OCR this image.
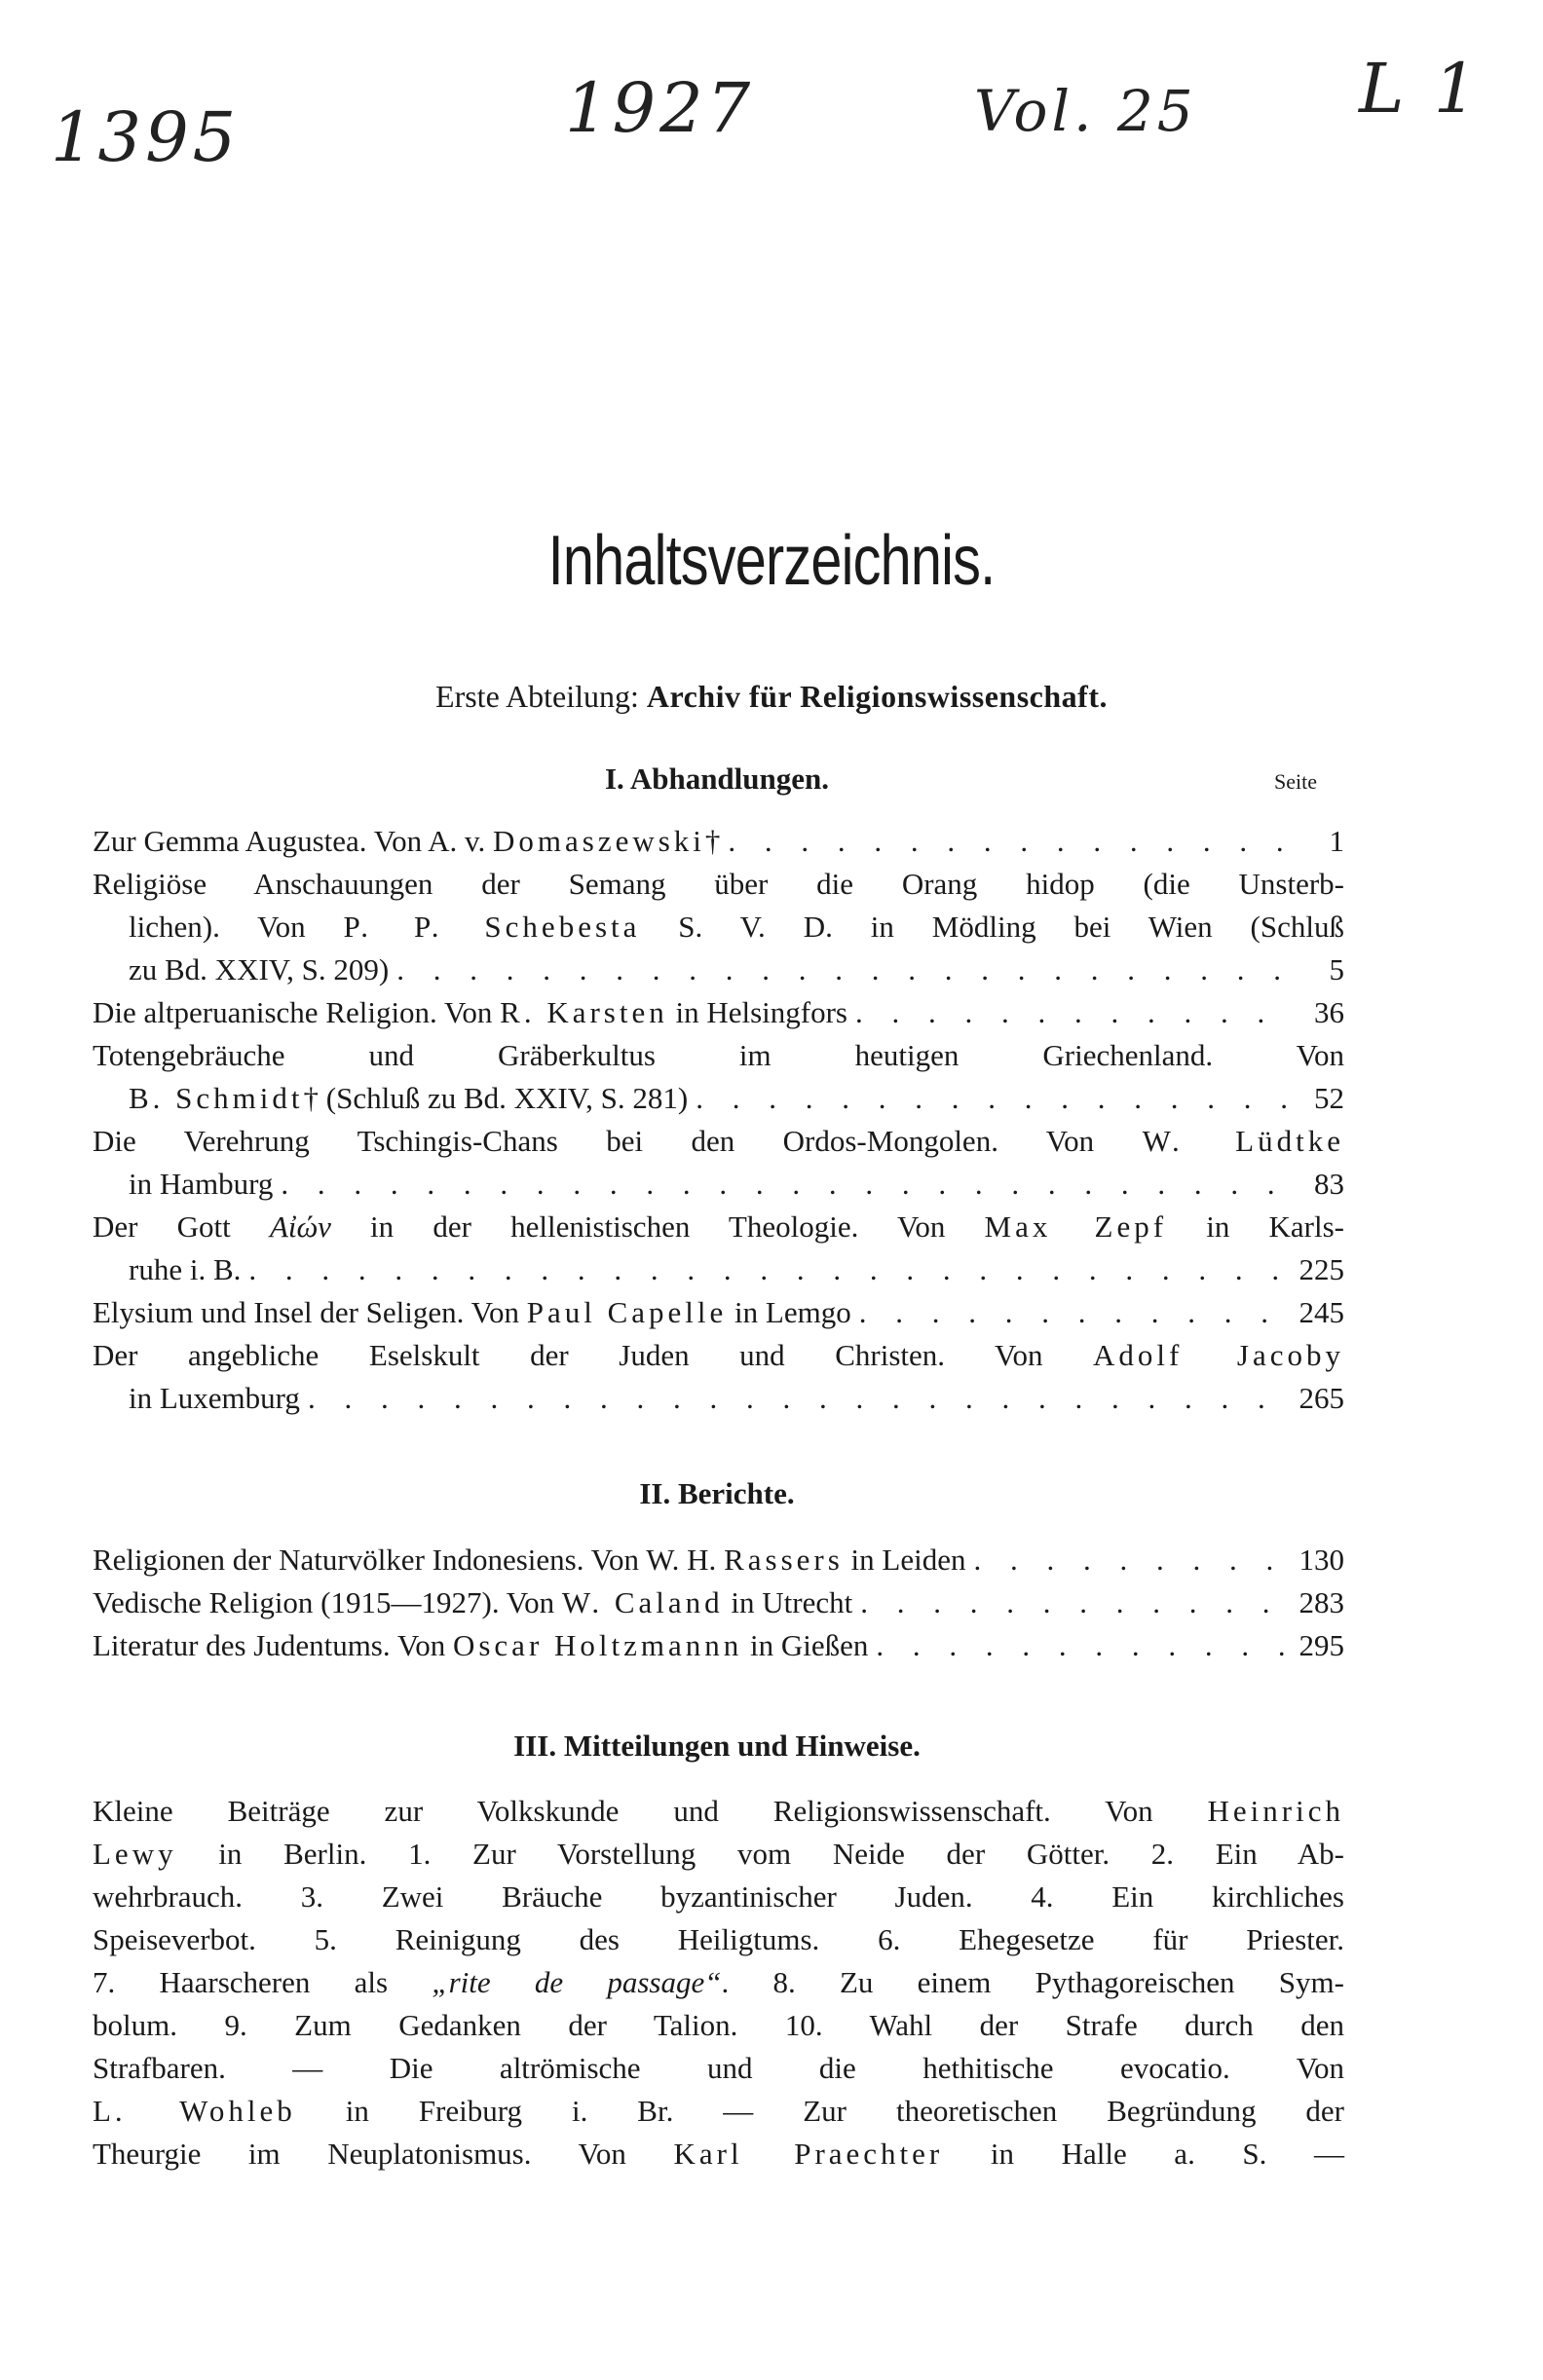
1395	1927	Vol. 25 L 1
Inhaltsverzeichnis.
Erste Abteilung: Archiv für Religionswissenschaft.
I. Abhandlungen.	Seite
Zur Gemma Augustea. Von A. v. Domaszewski† . . .	1
Religiöse Anschauungen der Semang über die Orang hidop (die Unsterb-
lichen). Von P. P. Schebesta S. V. D. in Mödling bei Wien (Schluß
zu Bd. XXIV, S. 209) . . .	5
Die altperuanische Religion. Von R. Karsten in Helsingfors . . .	36
Totengebräuche und Gräberkultus im heutigen Griechenland. Von
B. Schmidt† (Schluß zu Bd. XXIV, S. 281) . . .	52
Die Verehrung Tschingis-Chans bei den Ordos-Mongolen. Von W. Lüdtke
in Hamburg . . .	83
Der Gott Αἰών in der hellenistischen Theologie. Von Max Zepf in Karls-
ruhe i. B. . . .	225
Elysium und Insel der Seligen. Von Paul Capelle in Lemgo . . .	245
Der angebliche Eselskult der Juden und Christen. Von Adolf Jacoby
in Luxemburg . . .	265
II. Berichte.
Religionen der Naturvölker Indonesiens. Von W. H. Rassers in Leiden . . .	130
Vedische Religion (1915—1927). Von W. Caland in Utrecht . . .	283
Literatur des Judentums. Von Oscar Holtzmannn in Gießen . . .	295
III. Mitteilungen und Hinweise.
Kleine Beiträge zur Volkskunde und Religionswissenschaft. Von Heinrich
Lewy in Berlin. 1. Zur Vorstellung vom Neide der Götter. 2. Ein Ab-
wehrbrauch. 3. Zwei Bräuche byzantinischer Juden. 4. Ein kirchliches
Speiseverbot. 5. Reinigung des Heiligtums. 6. Ehegesetze für Priester.
7. Haarscheren als „rite de passage“. 8. Zu einem Pythagoreischen Sym-
bolum. 9. Zum Gedanken der Talion. 10. Wahl der Strafe durch den
Strafbaren. — Die altrömische und die hethitische evocatio. Von
L. Wohleb in Freiburg i. Br. — Zur theoretischen Begründung der
Theurgie im Neuplatonismus. Von Karl Praechter in Halle a. S. —
